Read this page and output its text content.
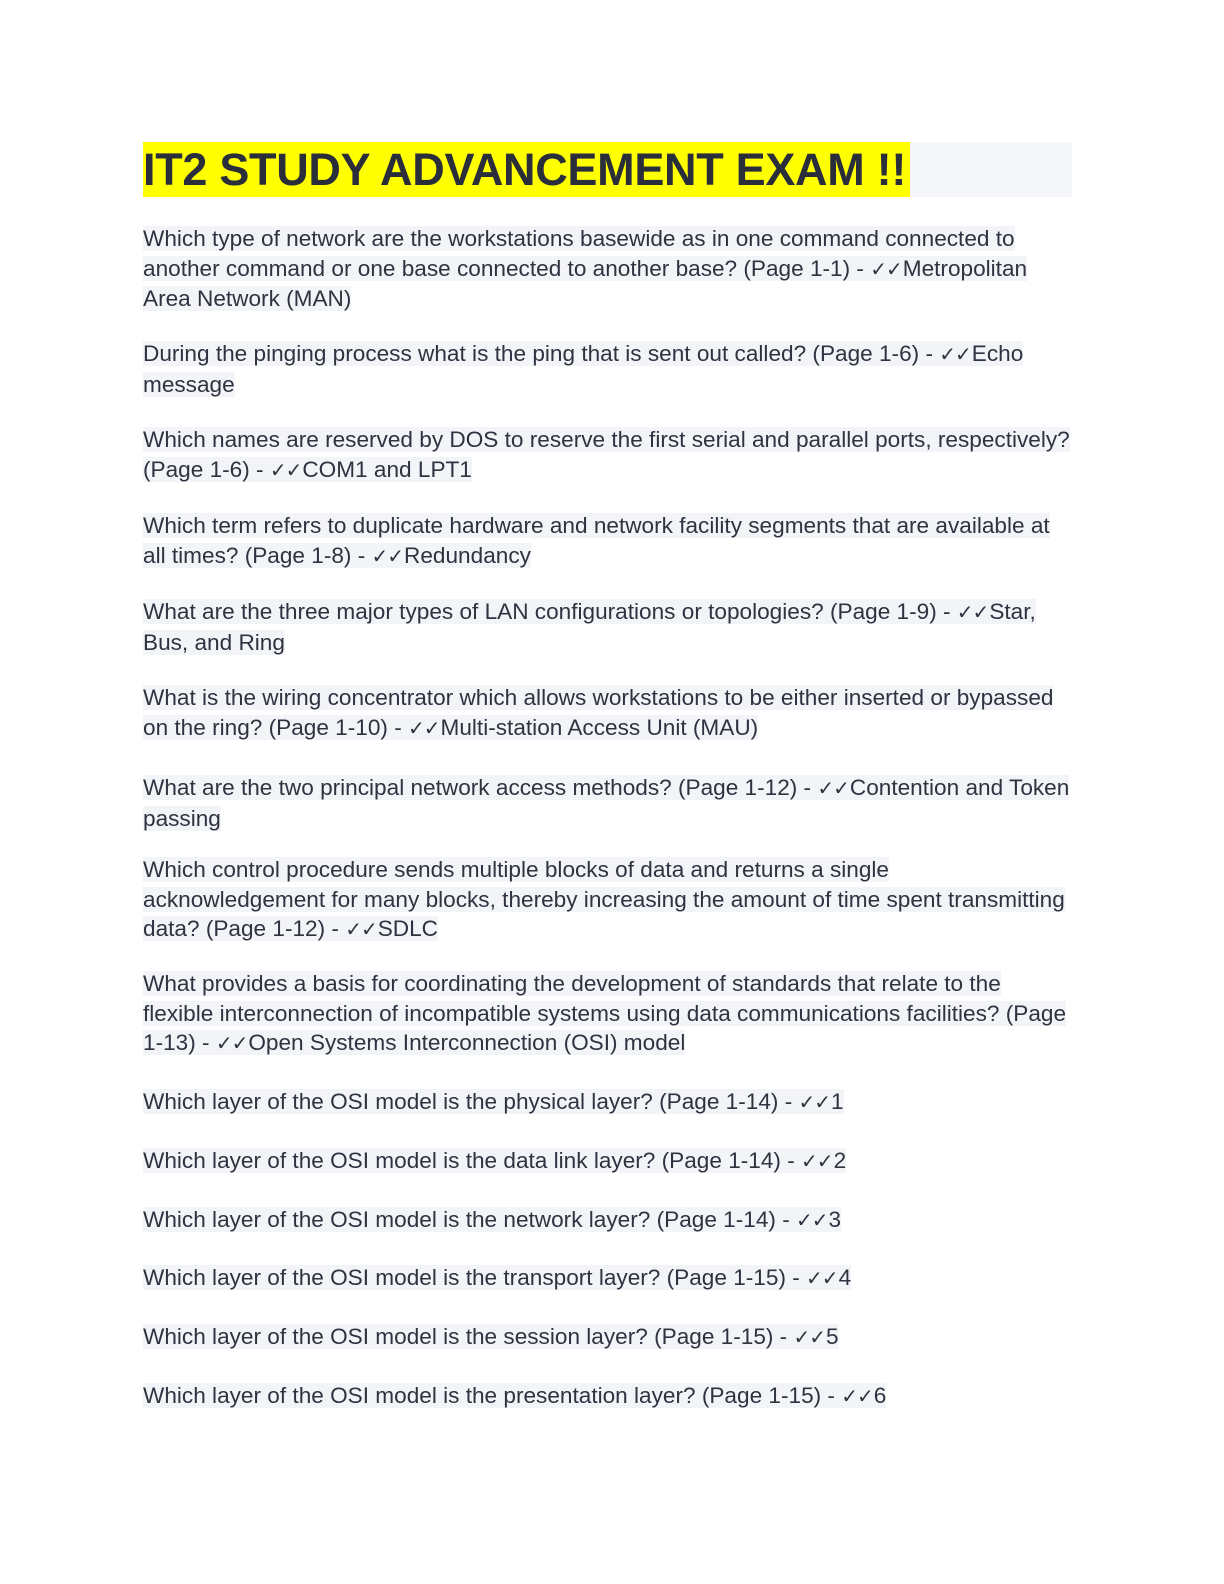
IT2 STUDY ADVANCEMENT EXAM !!
Which type of network are the workstations basewide as in one command connected to another command or one base connected to another base? (Page 1-1) - ✓✓Metropolitan Area Network (MAN)
During the pinging process what is the ping that is sent out called? (Page 1-6) - ✓✓Echo message
Which names are reserved by DOS to reserve the first serial and parallel ports, respectively? (Page 1-6) - ✓✓COM1 and LPT1
Which term refers to duplicate hardware and network facility segments that are available at all times? (Page 1-8) - ✓✓Redundancy
What are the three major types of LAN configurations or topologies? (Page 1-9) - ✓✓Star, Bus, and Ring
What is the wiring concentrator which allows workstations to be either inserted or bypassed on the ring? (Page 1-10) - ✓✓Multi-station Access Unit (MAU)
What are the two principal network access methods? (Page 1-12) - ✓✓Contention and Token passing
Which control procedure sends multiple blocks of data and returns a single acknowledgement for many blocks, thereby increasing the amount of time spent transmitting data? (Page 1-12) - ✓✓SDLC
What provides a basis for coordinating the development of standards that relate to the flexible interconnection of incompatible systems using data communications facilities? (Page 1-13) - ✓✓Open Systems Interconnection (OSI) model
Which layer of the OSI model is the physical layer? (Page 1-14) - ✓✓1
Which layer of the OSI model is the data link layer? (Page 1-14) - ✓✓2
Which layer of the OSI model is the network layer? (Page 1-14) - ✓✓3
Which layer of the OSI model is the transport layer? (Page 1-15) - ✓✓4
Which layer of the OSI model is the session layer? (Page 1-15) - ✓✓5
Which layer of the OSI model is the presentation layer? (Page 1-15) - ✓✓6
